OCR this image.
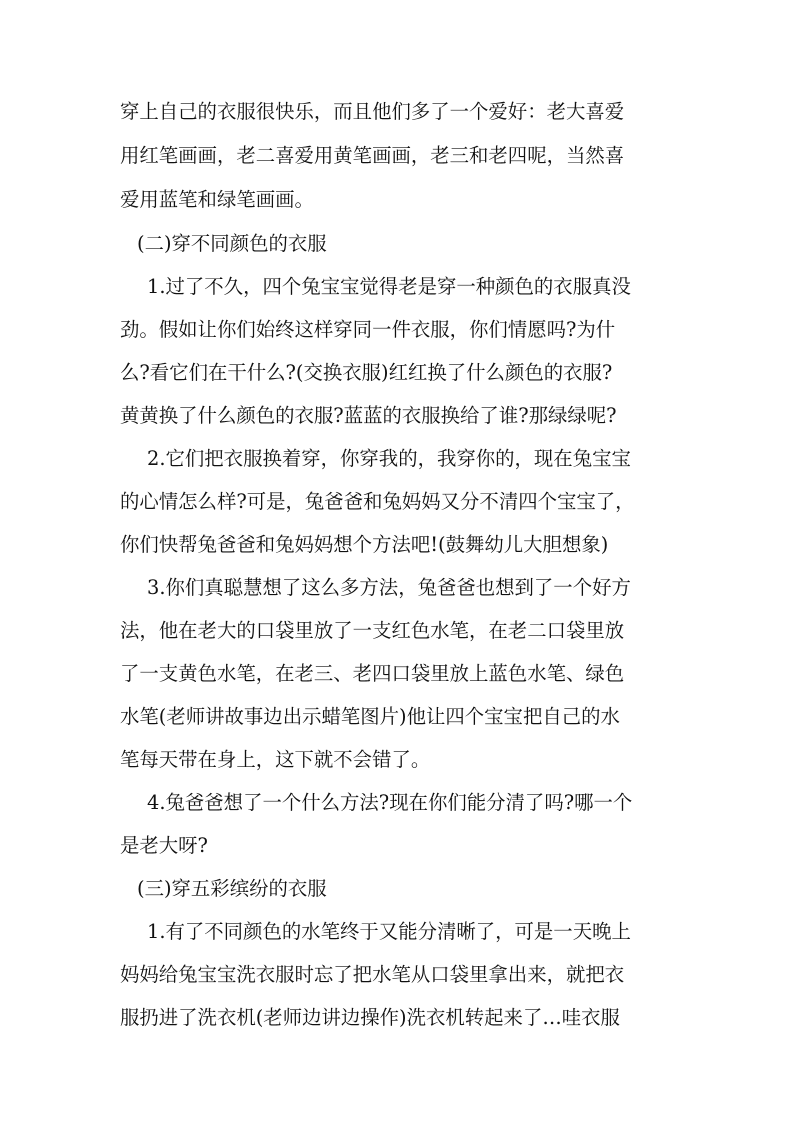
穿上自己的衣服很快乐，而且他们多了一个爱好：老大喜爱
用红笔画画，老二喜爱用黄笔画画，老三和老四呢，当然喜
爱用蓝笔和绿笔画画。
(二)穿不同颜色的衣服
1.过了不久，四个兔宝宝觉得老是穿一种颜色的衣服真没
劲。假如让你们始终这样穿同一件衣服，你们情愿吗?为什
么?看它们在干什么?(交换衣服)红红换了什么颜色的衣服?
黄黄换了什么颜色的衣服?蓝蓝的衣服换给了谁?那绿绿呢?
2.它们把衣服换着穿，你穿我的，我穿你的，现在兔宝宝
的心情怎么样?可是，兔爸爸和兔妈妈又分不清四个宝宝了，
你们快帮兔爸爸和兔妈妈想个方法吧!(鼓舞幼儿大胆想象)
3.你们真聪慧想了这么多方法，兔爸爸也想到了一个好方
法，他在老大的口袋里放了一支红色水笔，在老二口袋里放
了一支黄色水笔，在老三、老四口袋里放上蓝色水笔、绿色
水笔(老师讲故事边出示蜡笔图片)他让四个宝宝把自己的水
笔每天带在身上，这下就不会错了。
4.兔爸爸想了一个什么方法?现在你们能分清了吗?哪一个
是老大呀?
(三)穿五彩缤纷的衣服
1.有了不同颜色的水笔终于又能分清晰了，可是一天晚上
妈妈给兔宝宝洗衣服时忘了把水笔从口袋里拿出来，就把衣
服扔进了洗衣机(老师边讲边操作)洗衣机转起来了…哇衣服
